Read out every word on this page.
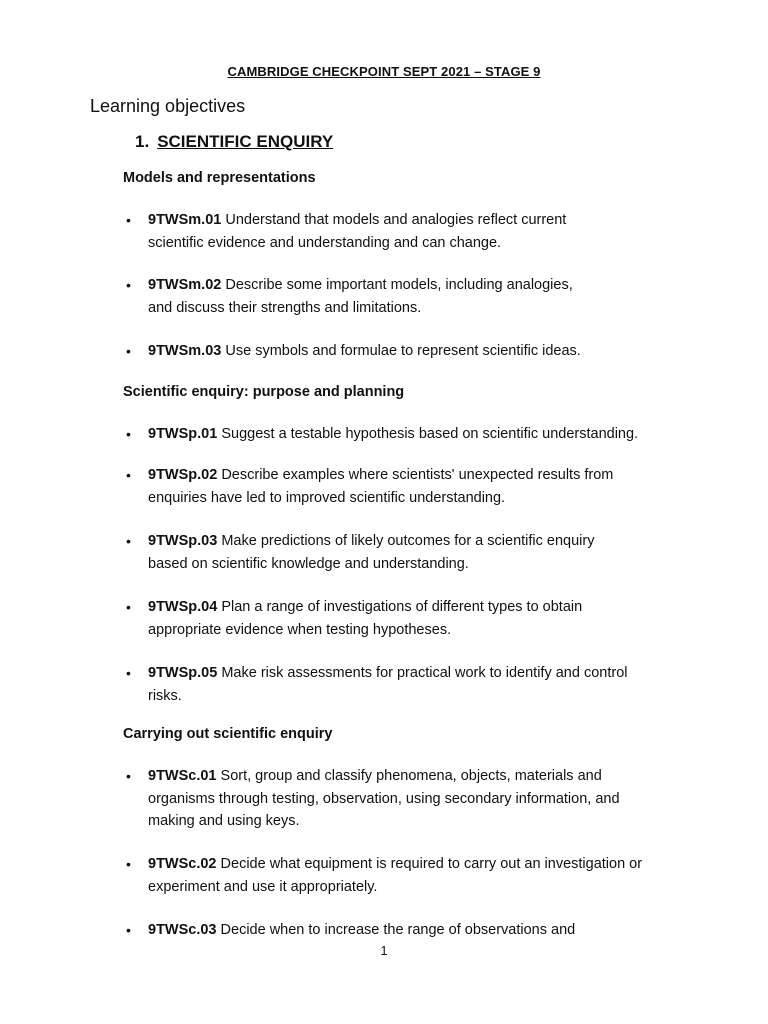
CAMBRIDGE CHECKPOINT SEPT 2021 – STAGE 9
Learning objectives
1. SCIENTIFIC ENQUIRY
Models and representations
• 9TWSm.01 Understand that models and analogies reflect current
scientific evidence and understanding and can change.
• 9TWSm.02 Describe some important models, including analogies,
and discuss their strengths and limitations.
• 9TWSm.03 Use symbols and formulae to represent scientific ideas.
Scientific enquiry: purpose and planning
• 9TWSp.01 Suggest a testable hypothesis based on scientific understanding.
• 9TWSp.02 Describe examples where scientists' unexpected results from
enquiries have led to improved scientific understanding.
• 9TWSp.03 Make predictions of likely outcomes for a scientific enquiry
based on scientific knowledge and understanding.
• 9TWSp.04 Plan a range of investigations of different types to obtain
appropriate evidence when testing hypotheses.
• 9TWSp.05 Make risk assessments for practical work to identify and control
risks.
Carrying out scientific enquiry
• 9TWSc.01 Sort, group and classify phenomena, objects, materials and
organisms through testing, observation, using secondary information, and
making and using keys.
• 9TWSc.02 Decide what equipment is required to carry out an investigation or
experiment and use it appropriately.
• 9TWSc.03 Decide when to increase the range of observations and
1
